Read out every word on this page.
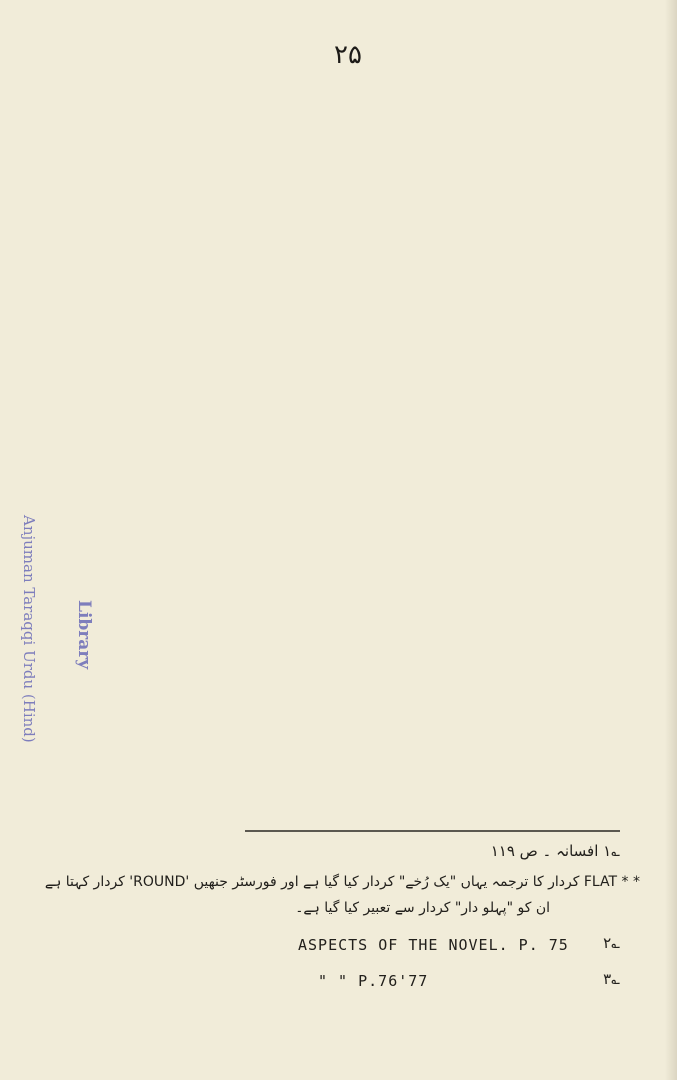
۲۵
؎۱ افسانہ ۔ ص ۱۱۹
* * FLAT کردار کا ترجمہ یہاں "یک رُخے" کردار کیا گیا ہے اور فورسٹر جنھیں 'ROUND' کردار کہتا ہے
ان کو "پہلو دار" کردار سے تعبیر کیا گیا ہے۔
؎۲
ASPECTS OF THE NOVEL. P. 75
؎۳
" " P.76'77
Anjuman Taraqqi Urdu (Hind) Library
